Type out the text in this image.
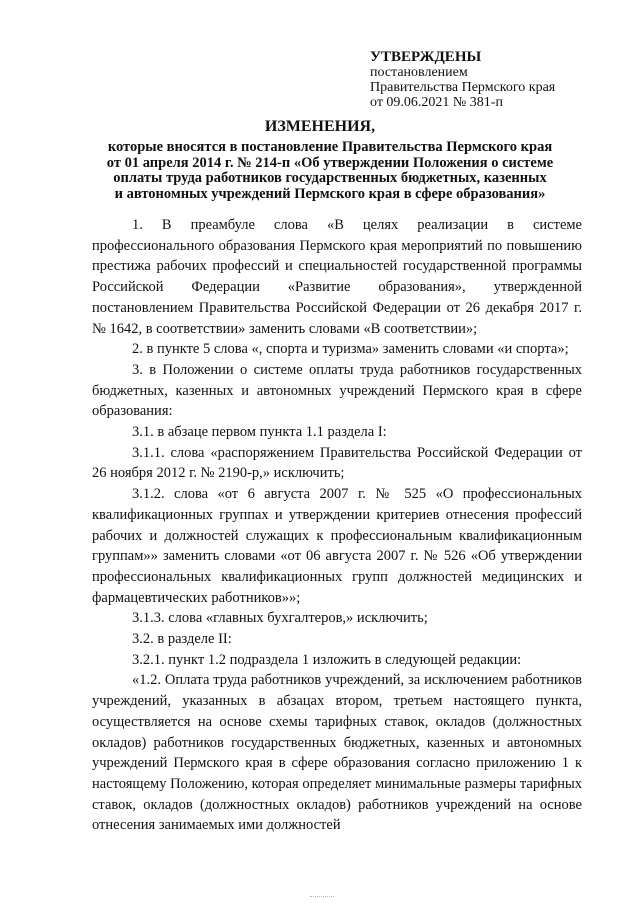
УТВЕРЖДЕНЫ
постановлением
Правительства Пермского края
от 09.06.2021 № 381-п
ИЗМЕНЕНИЯ,
которые вносятся в постановление Правительства Пермского края
от 01 апреля 2014 г. № 214-п «Об утверждении Положения о системе
оплаты труда работников государственных бюджетных, казенных
и автономных учреждений Пермского края в сфере образования»

1. В преамбуле слова «В целях реализации в системе профессионального образования Пермского края мероприятий по повышению престижа рабочих профессий и специальностей государственной программы Российской Федерации «Развитие образования», утвержденной постановлением Правительства Российской Федерации от 26 декабря 2017 г. № 1642, в соответствии» заменить словами «В соответствии»;

2. в пункте 5 слова «, спорта и туризма» заменить словами «и спорта»;

3. в Положении о системе оплаты труда работников государственных бюджетных, казенных и автономных учреждений Пермского края в сфере образования:

3.1. в абзаце первом пункта 1.1 раздела I:

3.1.1. слова «распоряжением Правительства Российской Федерации от 26 ноября 2012 г. № 2190-р,» исключить;

3.1.2. слова «от 6 августа 2007 г. № 525 «О профессиональных квалификационных группах и утверждении критериев отнесения профессий рабочих и должностей служащих к профессиональным квалификационным группам»» заменить словами «от 06 августа 2007 г. № 526 «Об утверждении профессиональных квалификационных групп должностей медицинских и фармацевтических работников»»;

3.1.3. слова «главных бухгалтеров,» исключить;

3.2. в разделе II:

3.2.1. пункт 1.2 подраздела 1 изложить в следующей редакции:

«1.2. Оплата труда работников учреждений, за исключением работников учреждений, указанных в абзацах втором, третьем настоящего пункта, осуществляется на основе схемы тарифных ставок, окладов (должностных окладов) работников государственных бюджетных, казенных и автономных учреждений Пермского края в сфере образования согласно приложению 1 к настоящему Положению, которая определяет минимальные размеры тарифных ставок, окладов (должностных окладов) работников учреждений на основе отнесения занимаемых ими должностей
